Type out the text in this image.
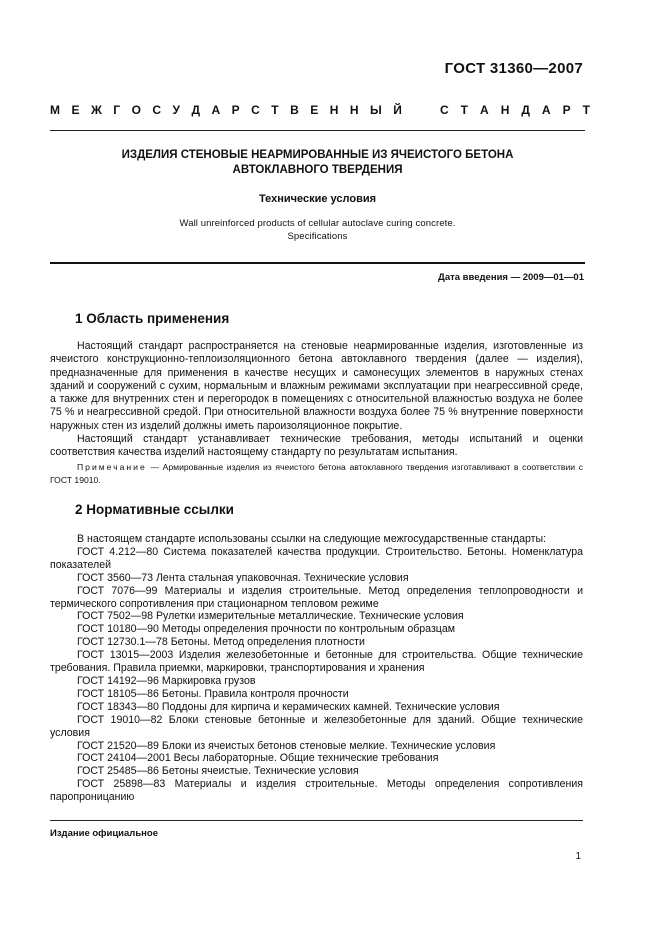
ГОСТ 31360—2007
М Е Ж Г О С У Д А Р С Т В Е Н Н Ы Й	С Т А Н Д А Р Т

ИЗДЕЛИЯ СТЕНОВЫЕ НЕАРМИРОВАННЫЕ ИЗ ЯЧЕИСТОГО БЕТОНА

АВТОКЛАВНОГО ТВЕРДЕНИЯ

Технические условия
Wall unreinforced products of cellular autoclave curing concrete.
Specifications
Дата введения — 2009—01—01
1 Область применения

Настоящий стандарт распространяется на стеновые неармированные изделия, изготовленные из ячеистого конструкционно-теплоизоляционного бетона автоклавного твердения (далее — изделия), предназначенные для применения в качестве несущих и самонесущих элементов в наружных стенах зданий и сооружений с сухим, нормальным и влажным режимами эксплуатации при неагрессивной среде, а также для внутренних стен и перегородок в помещениях с относительной влажностью воздуха не более 75 % и неагрессивной средой. При относительной влажности воздуха более 75 % внутренние поверхности наружных стен из изделий должны иметь пароизоляционное покрытие.

Настоящий стандарт устанавливает технические требования, методы испытаний и оценки соответствия качества изделий настоящему стандарту по результатам испытания.

Примечание — Армированные изделия из ячеистого бетона автоклавного твердения изготавливают в соответствии с ГОСТ 19010.

2 Нормативные ссылки
В настоящем стандарте использованы ссылки на следующие межгосударственные стандарты:
ГОСТ 4.212—80 Система показателей качества продукции. Строительство. Бетоны. Номенклатура показателей
ГОСТ 3560—73 Лента стальная упаковочная. Технические условия
ГОСТ 7076—99 Материалы и изделия строительные. Метод определения теплопроводности и термического сопротивления при стационарном тепловом режиме
ГОСТ 7502—98 Рулетки измерительные металлические. Технические условия
ГОСТ 10180—90 Методы определения прочности по контрольным образцам
ГОСТ 12730.1—78 Бетоны. Метод определения плотности
ГОСТ 13015—2003 Изделия железобетонные и бетонные для строительства. Общие технические требования. Правила приемки, маркировки, транспортирования и хранения
ГОСТ 14192—96 Маркировка грузов
ГОСТ 18105—86 Бетоны. Правила контроля прочности
ГОСТ 18343—80 Поддоны для кирпича и керамических камней. Технические условия
ГОСТ 19010—82 Блоки стеновые бетонные и железобетонные для зданий. Общие технические условия
ГОСТ 21520—89 Блоки из ячеистых бетонов стеновые мелкие. Технические условия
ГОСТ 24104—2001 Весы лабораторные. Общие технические требования
ГОСТ 25485—86 Бетоны ячеистые. Технические условия
ГОСТ 25898—83 Материалы и изделия строительные. Методы определения сопротивления паропроницанию
Издание официальное
1
